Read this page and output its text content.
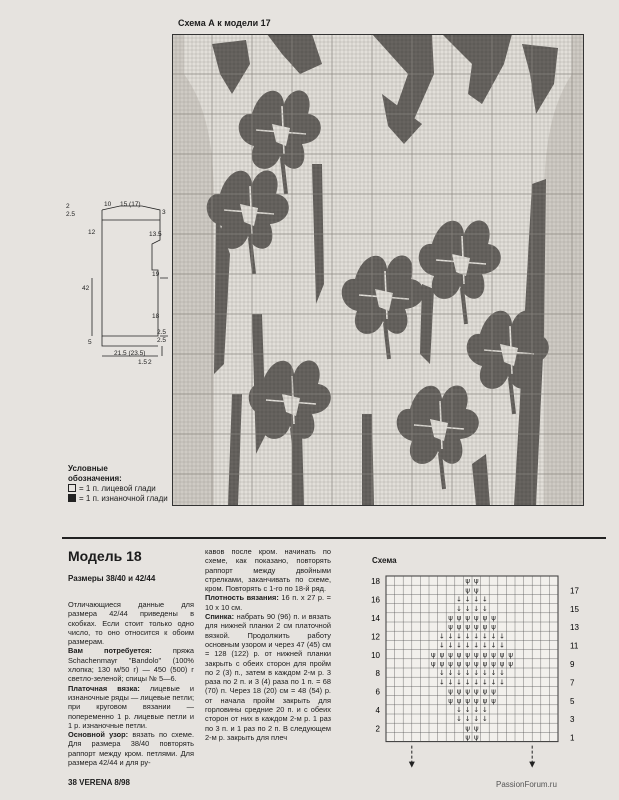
Схема А к модели 17
2
2.5
10 15 (17)
3
12	13.5
42
19
18
5
2.5
2.5
21.5 (23.5)
1.5 2
Условные
обозначения:
= 1 п. лицевой глади
= 1 п. изнаночной глади
Модель 18
Размеры 38/40 и 42/44

Отличающиеся данные для размера 42/44 приведены в скобках. Если стоит только одно число, то оно относится к обоим размерам.

Вам потребуется: пряжа Schachenmayr "Bandolo" (100% хлопка; 130 м/50 г) — 450 (500) г светло-зеленой; спицы № 5—6.

Платочная вязка: лицевые и изнаночные ряды — лицевые петли; при круговом вязании — попеременно 1 р. лицевые петли и 1 р. изнаночные петли.

Основной узор: вязать по схеме. Для размера 38/40 повторять раппорт между кром. петлями. Для размера 42/44 и для ру-

кавов после кром. начинать по схеме, как показано, повторять раппорт между двойными стрелками, заканчивать по схеме, кром. Повторять с 1-го по 18-й ряд.

Плотность вязания: 16 п. х 27 р. = 10 х 10 см.

Спинка: набрать 90 (96) п. и вязать для нижней планки 2 см платочной вязкой. Продолжить работу основным узором и через 47 (45) см = 128 (122) р. от нижней планки закрыть с обеих сторон для пройм по 2 (3) п., затем в каждом 2-м р. 3 раза по 2 п. и 3 (4) раза по 1 п. = 68 (70) п. Через 18 (20) см = 48 (54) р. от начала пройм закрыть для горловины средние 20 п. и с обеих сторон от них в каждом 2-м р. 1 раз по 3 п. и 1 раз по 2 п. В следующем 2-м р. закрыть для плеч

Схема
ψ ψ
ψ ψ
↓ ↓ ↓ ↓
↓ ↓ ↓ ↓
ψ ψ ψ ψ ψ ψ
ψ ψ ψ ψ ψ ψ
↓ ↓ ↓ ↓ ↓ ↓ ↓ ↓
↓ ↓ ↓ ↓ ↓ ↓ ↓ ↓
ψ ψ ψ ψ ψ ψ ψ ψ ψ ψ
ψ ψ ψ ψ ψ ψ ψ ψ ψ ψ
↓ ↓ ↓ ↓ ↓ ↓ ↓ ↓
↓ ↓ ↓ ↓ ↓ ↓ ↓ ↓
ψ ψ ψ ψ ψ ψ
ψ ψ ψ ψ ψ ψ
↓ ↓ ↓ ↓
↓ ↓ ↓ ↓
ψ ψ
ψ ψ
18
16
14
12
10
8
6
4
2
17
15
13
11
9
7
5
3
1
38 VERENA 8/98	PassionForum.ru
